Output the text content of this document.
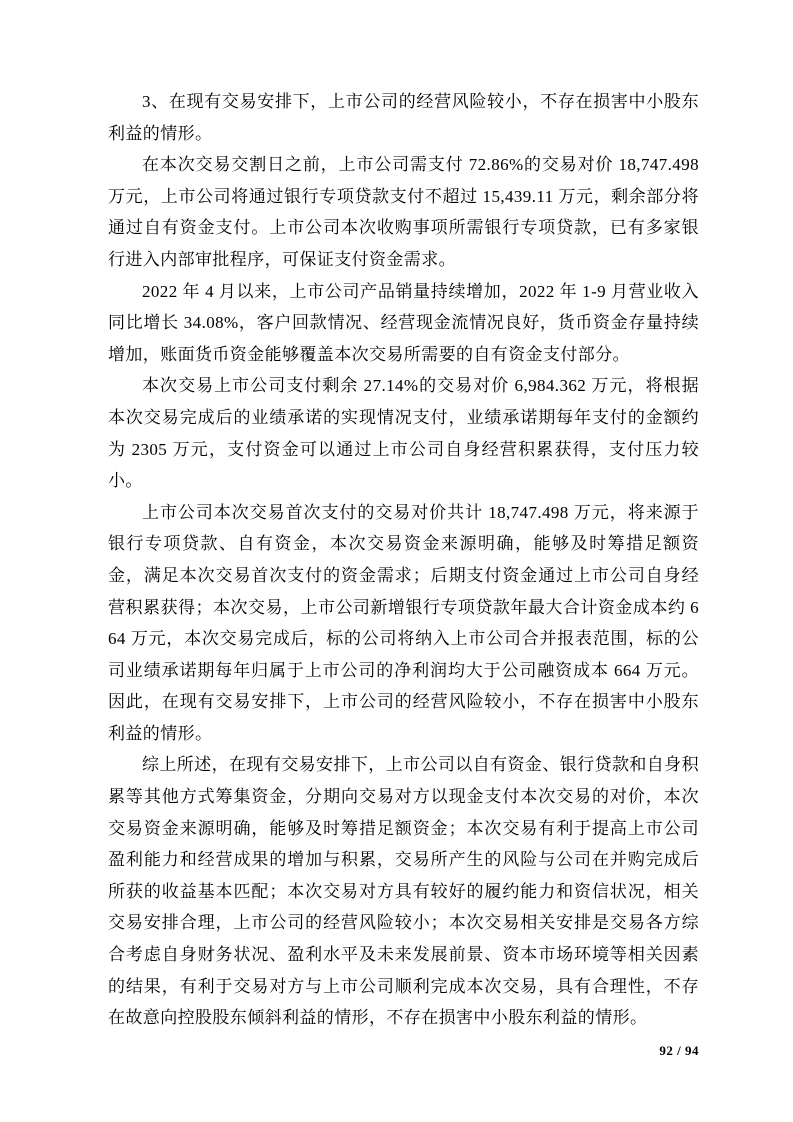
3、在现有交易安排下，上市公司的经营风险较小，不存在损害中小股东利益的情形。

在本次交易交割日之前，上市公司需支付 72.86%的交易对价 18,747.498 万元，上市公司将通过银行专项贷款支付不超过 15,439.11 万元，剩余部分将通过自有资金支付。上市公司本次收购事项所需银行专项贷款，已有多家银行进入内部审批程序，可保证支付资金需求。

2022 年 4 月以来，上市公司产品销量持续增加，2022 年 1-9 月营业收入同比增长 34.08%，客户回款情况、经营现金流情况良好，货币资金存量持续增加，账面货币资金能够覆盖本次交易所需要的自有资金支付部分。

本次交易上市公司支付剩余 27.14%的交易对价 6,984.362 万元，将根据本次交易完成后的业绩承诺的实现情况支付，业绩承诺期每年支付的金额约为 2305 万元，支付资金可以通过上市公司自身经营积累获得，支付压力较小。

上市公司本次交易首次支付的交易对价共计 18,747.498 万元，将来源于银行专项贷款、自有资金，本次交易资金来源明确，能够及时筹措足额资金，满足本次交易首次支付的资金需求；后期支付资金通过上市公司自身经营积累获得；本次交易，上市公司新增银行专项贷款年最大合计资金成本约 664 万元，本次交易完成后，标的公司将纳入上市公司合并报表范围，标的公司业绩承诺期每年归属于上市公司的净利润均大于公司融资成本 664 万元。因此，在现有交易安排下，上市公司的经营风险较小，不存在损害中小股东利益的情形。

综上所述，在现有交易安排下，上市公司以自有资金、银行贷款和自身积累等其他方式筹集资金，分期向交易对方以现金支付本次交易的对价，本次交易资金来源明确，能够及时筹措足额资金；本次交易有利于提高上市公司盈利能力和经营成果的增加与积累，交易所产生的风险与公司在并购完成后所获的收益基本匹配；本次交易对方具有较好的履约能力和资信状况，相关交易安排合理，上市公司的经营风险较小；本次交易相关安排是交易各方综合考虑自身财务状况、盈利水平及未来发展前景、资本市场环境等相关因素的结果，有利于交易对方与上市公司顺利完成本次交易，具有合理性，不存在故意向控股股东倾斜利益的情形，不存在损害中小股东利益的情形。

92 / 94
